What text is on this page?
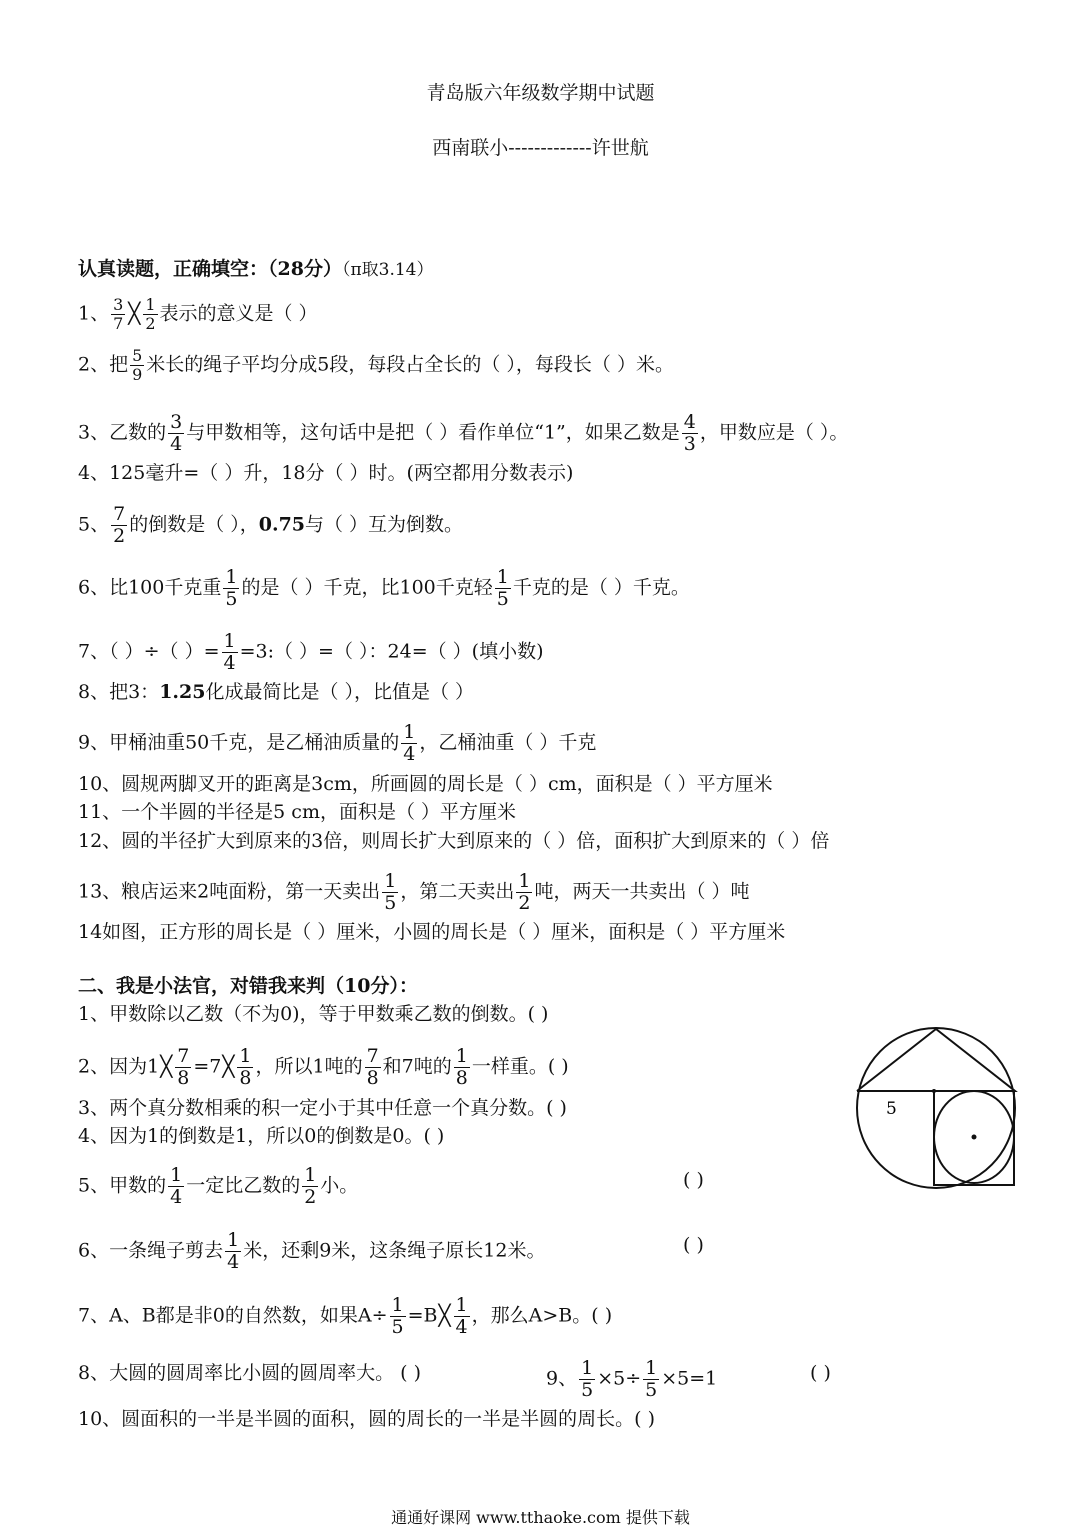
青岛版六年级数学期中试题
西南联小-------------许世航
认真读题，正确填空：（28分）（π取3.14）
1、 $\frac{3}{7}$ ╳ $\frac{1}{2}$ 表示的意义是（ ）
2、把 $\frac{5}{9}$ 米长的绳子平均分成5段，每段占全长的（ ），每段长（ ）米。
3、乙数的 $\frac{3}{4}$ 与甲数相等，这句话中是把（ ）看作单位“1”，如果乙数是 $\frac{4}{3}$ ，甲数应是（ ）。
4、125毫升=（ ）升，18分（ ）时。(两空都用分数表示)
5、 $\frac{7}{2}$ 的倒数是（ ），0.75与（ ）互为倒数。
6、比100千克重 $\frac{1}{5}$ 的是（ ）千克，比100千克轻 $\frac{1}{5}$ 千克的是（ ）千克。
7、（ ）÷（ ）= $\frac{1}{4}$ =3:（ ）=（ ）：24=（ ）(填小数)
8、把3：1.25化成最简比是（ ），比值是（ ）
9、甲桶油重50千克，是乙桶油质量的 $\frac{1}{4}$ ，乙桶油重（ ）千克
10、圆规两脚叉开的距离是3cm，所画圆的周长是（ ）cm，面积是（ ）平方厘米
11、一个半圆的半径是5 cm，面积是（ ）平方厘米
12、圆的半径扩大到原来的3倍，则周长扩大到原来的（ ）倍，面积扩大到原来的（ ）倍
13、粮店运来2吨面粉，第一天卖出 $\frac{1}{5}$ ，第二天卖出 $\frac{1}{2}$ 吨，两天一共卖出（ ）吨
14如图，正方形的周长是（ ）厘米，小圆的周长是（ ）厘米，面积是（ ）平方厘米
二、我是小法官，对错我来判（10分）：
1、甲数除以乙数（不为0)，等于甲数乘乙数的倒数。( )
2、因为1╳ $\frac{7}{8}$ =7╳ $\frac{1}{8}$ ，所以1吨的 $\frac{7}{8}$ 和7吨的 $\frac{1}{8}$ 一样重。( )
3、两个真分数相乘的积一定小于其中任意一个真分数。( )
4、因为1的倒数是1，所以0的倒数是0。( )
5、甲数的 $\frac{1}{4}$ 一定比乙数的 $\frac{1}{2}$ 小。	( )
6、一条绳子剪去 $\frac{1}{4}$ 米，还剩9米，这条绳子原长12米。	( )
7、A、B都是非0的自然数，如果$A\div \frac{1}{5}$ =B╳ $\frac{1}{4}$ ，那么A>B。( )
8、大圆的圆周率比小圆的圆周率大。 ( )	9、 $\frac{1}{5} \times 5\div \frac{1}{5} \times 5=1$	( )
10、圆面积的一半是半圆的面积，圆的周长的一半是半圆的周长。( )
5
通通好课网 www.tthaoke.com 提供下载
